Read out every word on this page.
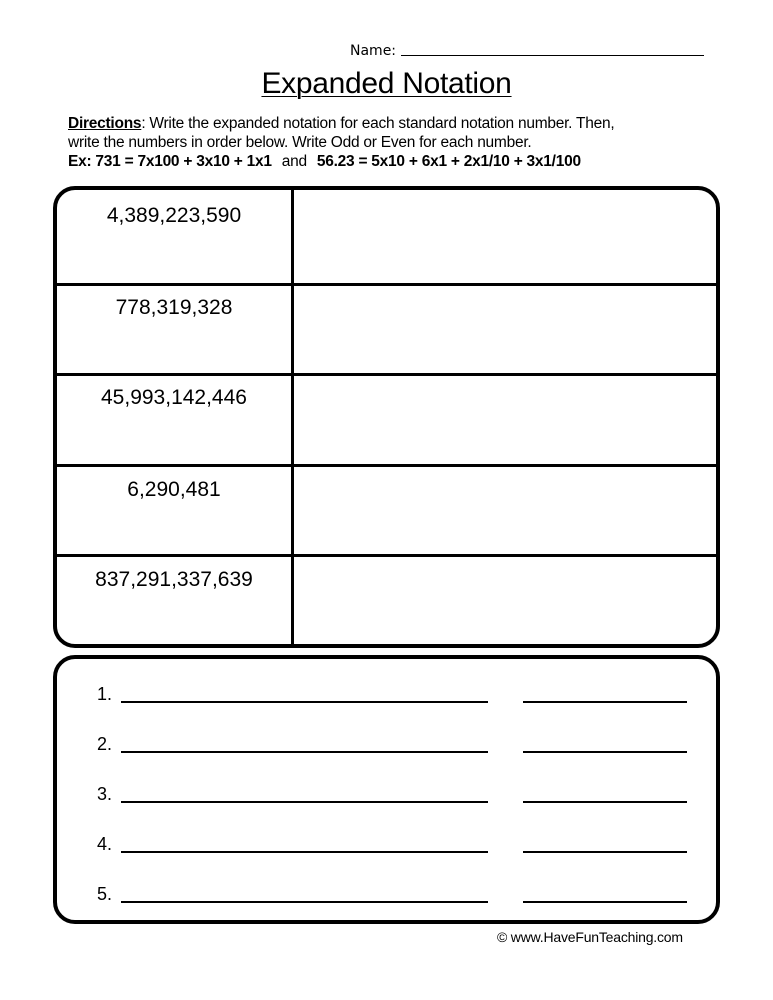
Name:
Expanded Notation
Directions: Write the expanded notation for each standard notation number. Then,
write the numbers in order below. Write Odd or Even for each number.
Ex: 731 = 7x100 + 3x10 + 1x1 and 56.23 = 5x10 + 6x1 + 2x1/10 + 3x1/100
4,389,223,590
778,319,328
45,993,142,446
6,290,481
837,291,337,639
1.
2.
3.
4.
5.
© www.HaveFunTeaching.com
